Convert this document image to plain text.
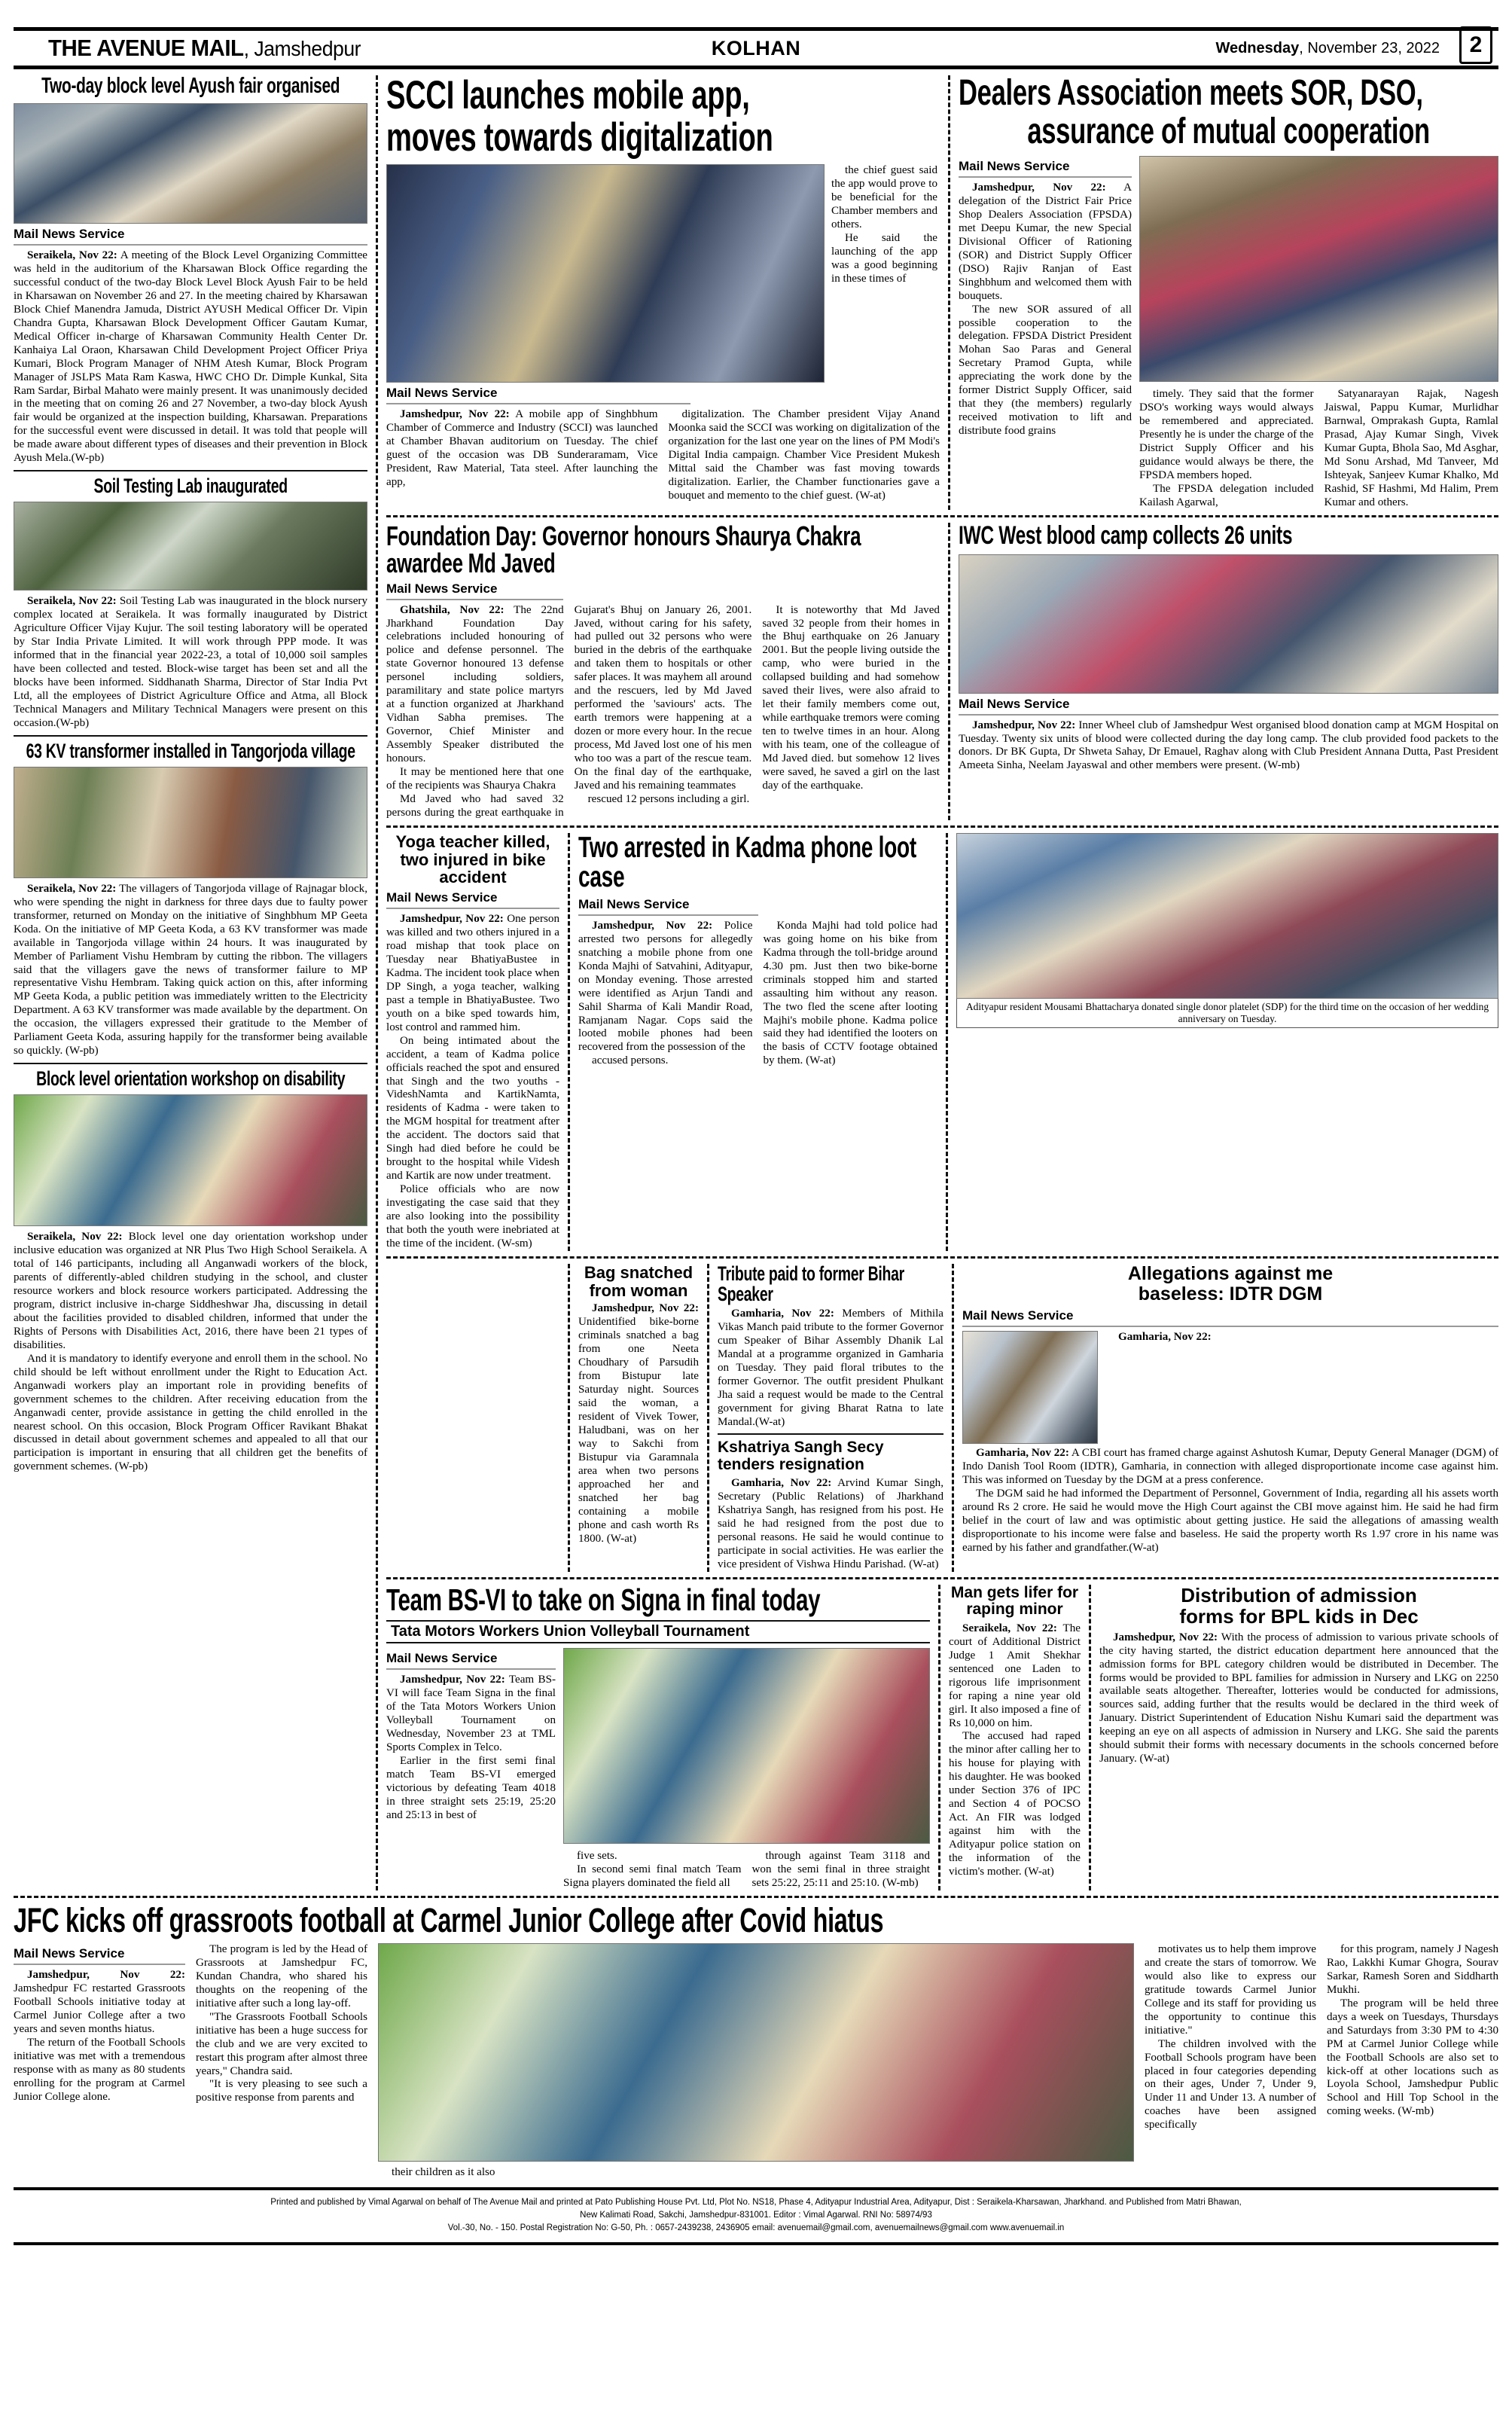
THE AVENUE MAIL, Jamshedpur	KOLHAN	Wednesday, November 23, 2022	2
Two-day block level Ayush fair organised
Mail News Service

Seraikela, Nov 22: A meeting of the Block Level Organizing Committee was held in the auditorium of the Kharsawan Block Office regarding the successful conduct of the two-day Block Level Block Ayush Fair to be held in Kharsawan on November 26 and 27. In the meeting chaired by Kharsawan Block Chief Manendra Jamuda, District AYUSH Medical Officer Dr. Vipin Chandra Gupta, Kharsawan Block Development Officer Gautam Kumar, Medical Officer in-charge of Kharsawan Community Health Center Dr. Kanhaiya Lal Oraon, Kharsawan Child Development Project Officer Priya Kumari, Block Program Manager of NHM Atesh Kumar, Block Program Manager of JSLPS Mata Ram Kaswa, HWC CHO Dr. Dimple Kunkal, Sita Ram Sardar, Birbal Mahato were mainly present. It was unanimously decided in the meeting that on coming 26 and 27 November, a two-day block Ayush fair would be organized at the inspection building, Kharsawan. Preparations for the successful event were discussed in detail. It was told that people will be made aware about different types of diseases and their prevention in Block Ayush Mela.(W-pb)

Soil Testing Lab inaugurated

Seraikela, Nov 22: Soil Testing Lab was inaugurated in the block nursery complex located at Seraikela. It was formally inaugurated by District Agriculture Officer Vijay Kujur. The soil testing laboratory will be operated by Star India Private Limited. It will work through PPP mode. It was informed that in the financial year 2022-23, a total of 10,000 soil samples have been collected and tested. Block-wise target has been set and all the blocks have been informed. Siddhanath Sharma, Director of Star India Pvt Ltd, all the employees of District Agriculture Office and Atma, all Block Technical Managers and Military Technical Managers were present on this occasion.(W-pb)

63 KV transformer installed in Tangorjoda village

Seraikela, Nov 22: The villagers of Tangorjoda village of Rajnagar block, who were spending the night in darkness for three days due to faulty power transformer, returned on Monday on the initiative of Singhbhum MP Geeta Koda. On the initiative of MP Geeta Koda, a 63 KV transformer was made available in Tangorjoda village within 24 hours. It was inaugurated by Member of Parliament Vishu Hembram by cutting the ribbon. The villagers said that the villagers gave the news of transformer failure to MP representative Vishu Hembram. Taking quick action on this, after informing MP Geeta Koda, a public petition was immediately written to the Electricity Department. A 63 KV transformer was made available by the department. On the occasion, the villagers expressed their gratitude to the Member of Parliament Geeta Koda, assuring happily for the transformer being available so quickly. (W-pb)

Block level orientation workshop on disability

Seraikela, Nov 22: Block level one day orientation workshop under inclusive education was organized at NR Plus Two High School Seraikela. A total of 146 participants, including all Anganwadi workers of the block, parents of differently-abled children studying in the school, and cluster resource workers and block resource workers participated. Addressing the program, district inclusive in-charge Siddheshwar Jha, discussing in detail about the facilities provided to disabled children, informed that under the Rights of Persons with Disabilities Act, 2016, there have been 21 types of disabilities.

And it is mandatory to identify everyone and enroll them in the school. No child should be left without enrollment under the Right to Education Act. Anganwadi workers play an important role in providing benefits of government schemes to the children. After receiving education from the Anganwadi center, provide assistance in getting the child enrolled in the nearest school. On this occasion, Block Program Officer Ravikant Bhakat discussed in detail about government schemes and appealed to all that our participation is important in ensuring that all children get the benefits of government schemes. (W-pb)

SCCI launches mobile app,
moves towards digitalization

the chief guest said the app would prove to be beneficial for the Chamber members and others.

He said the launching of the app was a good beginning in these times of

Mail News Service

Jamshedpur, Nov 22: A mobile app of Singhbhum Chamber of Commerce and Industry (SCCI) was launched at Chamber Bhavan auditorium on Tuesday. The chief guest of the occasion was DB Sunderaramam, Vice President, Raw Material, Tata steel. After launching the app,

digitalization. The Chamber president Vijay Anand Moonka said the SCCI was working on digitalization of the organization for the last one year on the lines of PM Modi's Digital India campaign. Chamber Vice President Mukesh Mittal said the Chamber was fast moving towards digitalization. Earlier, the Chamber functionaries gave a bouquet and memento to the chief guest. (W-at)

Dealers Association meets SOR, DSO,
assurance of mutual cooperation
Mail News Service

Jamshedpur, Nov 22: A delegation of the District Fair Price Shop Dealers Association (FPSDA) met Deepu Kumar, the new Special Divisional Officer of Rationing (SOR) and District Supply Officer (DSO) Rajiv Ranjan of East Singhbhum and welcomed them with bouquets.

The new SOR assured of all possible cooperation to the delegation. FPSDA District President Mohan Sao Paras and General Secretary Pramod Gupta, while appreciating the work done by the former District Supply Officer, said that they (the members) regularly received motivation to lift and distribute food grains

timely. They said that the former DSO's working ways would always be remembered and appreciated. Presently he is under the charge of the District Supply Officer and his guidance would always be there, the FPSDA members hoped.

The FPSDA delegation included Kailash Agarwal,

Satyanarayan Rajak, Nagesh Jaiswal, Pappu Kumar, Murlidhar Barnwal, Omprakash Gupta, Ramlal Prasad, Ajay Kumar Singh, Vivek Kumar Gupta, Bhola Sao, Md Asghar, Md Sonu Arshad, Md Tanveer, Md Ishteyak, Sanjeev Kumar Khalko, Md Rashid, SF Hashmi, Md Halim, Prem Kumar and others.

Foundation Day: Governor honours Shaurya Chakra awardee Md Javed
Mail News Service

Ghatshila, Nov 22: The 22nd Jharkhand Foundation Day celebrations included honouring of police and defense personnel. The state Governor honoured 13 defense personel including soldiers, paramilitary and state police martyrs at a function organized at Jharkhand Vidhan Sabha premises. The Governor, Chief Minister and Assembly Speaker distributed the honours.

It may be mentioned here that one of the recipients was Shaurya Chakra

Md Javed who had saved 32 persons during the great earthquake in Gujarat's Bhuj on January 26, 2001. Javed, without caring for his safety, had pulled out 32 persons who were buried in the debris of the earthquake and taken them to hospitals or other safer places. It was mayhem all around and the rescuers, led by Md Javed performed the 'saviours' acts. The earth tremors were happening at a dozen or more every hour. In the recue process, Md Javed lost one of his men who too was a part of the rescue team. On the final day of the earthquake, Javed and his remaining teammates

rescued 12 persons including a girl.

It is noteworthy that Md Javed saved 32 people from their homes in the Bhuj earthquake on 26 January 2001. But the people living outside the camp, who were buried in the collapsed building and had somehow saved their lives, were also afraid to let their family members come out, while earthquake tremors were coming ten to twelve times in an hour. Along with his team, one of the colleague of Md Javed died. but somehow 12 lives were saved, he saved a girl on the last day of the earthquake.

IWC West blood camp collects 26 units
Mail News Service

Jamshedpur, Nov 22: Inner Wheel club of Jamshedpur West organised blood donation camp at MGM Hospital on Tuesday. Twenty six units of blood were collected during the day long camp. The club provided food packets to the donors. Dr BK Gupta, Dr Shweta Sahay, Dr Emauel, Raghav along with Club President Annana Dutta, Past President Ameeta Sinha, Neelam Jayaswal and other members were present. (W-mb)

Yoga teacher killed, two injured in bike accident
Mail News Service

Jamshedpur, Nov 22: One person was killed and two others injured in a road mishap that took place on Tuesday near BhatiyaBustee in Kadma. The incident took place when DP Singh, a yoga teacher, walking past a temple in BhatiyaBustee. Two youth on a bike sped towards him, lost control and rammed him.

On being intimated about the accident, a team of Kadma police officials reached the spot and ensured that Singh and the two youths - VideshNamta and KartikNamta, residents of Kadma - were taken to the MGM hospital for treatment after the accident. The doctors said that Singh had died before he could be brought to the hospital while Videsh and Kartik are now under treatment.

Police officials who are now investigating the case said that they are also looking into the possibility that both the youth were inebriated at the time of the incident. (W-sm)

Two arrested in Kadma phone loot case
Mail News Service

Jamshedpur, Nov 22: Police arrested two persons for allegedly snatching a mobile phone from one Konda Majhi of Satvahini, Adityapur, on Monday evening. Those arrested were identified as Arjun Tandi and Sahil Sharma of Kali Mandir Road, Ramjanam Nagar. Cops said the looted mobile phones had been recovered from the possession of the

accused persons.

Konda Majhi had told police had was going home on his bike from Kadma through the toll-bridge around 4.30 pm. Just then two bike-borne criminals stopped him and started assaulting him without any reason. The two fled the scene after looting Majhi's mobile phone. Kadma police said they had identified the looters on the basis of CCTV footage obtained by them. (W-at)

Adityapur resident Mousami Bhattacharya donated single donor platelet (SDP) for the third time on the occasion of her wedding anniversary on Tuesday.
Bag snatched
from woman

Jamshedpur, Nov 22: Unidentified bike-borne criminals snatched a bag from one Neeta Choudhary of Parsudih from Bistupur late Saturday night. Sources said the woman, a resident of Vivek Tower, Haludbani, was on her way to Sakchi from Bistupur via Garamnala area when two persons approached her and snatched her bag containing a mobile phone and cash worth Rs 1800. (W-at)

Tribute paid to former Bihar Speaker

Gamharia, Nov 22: Members of Mithila Vikas Manch paid tribute to the former Governor cum Speaker of Bihar Assembly Dhanik Lal Mandal at a programme organized in Gamharia on Tuesday. They paid floral tributes to the former Governor. The outfit president Phulkant Jha said a request would be made to the Central government for giving Bharat Ratna to late Mandal.(W-at)

Kshatriya Sangh Secy tenders resignation

Gamharia, Nov 22: Arvind Kumar Singh, Secretary (Public Relations) of Jharkhand Kshatriya Sangh, has resigned from his post. He said he had resigned from the post due to personal reasons. He said he would continue to participate in social activities. He was earlier the vice president of Vishwa Hindu Parishad. (W-at)

Allegations against me
baseless: IDTR DGM
Mail News Service

Gamharia, Nov 22:

Gamharia, Nov 22: A CBI court has framed charge against Ashutosh Kumar, Deputy General Manager (DGM) of Indo Danish Tool Room (IDTR), Gamharia, in connection with alleged disproportionate income case against him. This was informed on Tuesday by the DGM at a press conference.

The DGM said he had informed the Department of Personnel, Government of India, regarding all his assets worth around Rs 2 crore. He said he would move the High Court against the CBI move against him. He said he had firm belief in the court of law and was optimistic about getting justice. He said the allegations of amassing wealth disproportionate to his income were false and baseless. He said the property worth Rs 1.97 crore in his name was earned by his father and grandfather.(W-at)

Team BS-VI to take on Signa in final today
Tata Motors Workers Union Volleyball Tournament
Mail News Service

Jamshedpur, Nov 22: Team BS-VI will face Team Signa in the final of the Tata Motors Workers Union Volleyball Tournament on Wednesday, November 23 at TML Sports Complex in Telco.

Earlier in the first semi final match Team BS-VI emerged victorious by defeating Team 4018 in three straight sets 25:19, 25:20 and 25:13 in best of

five sets.

In second semi final match Team Signa players dominated the field all

through against Team 3118 and won the semi final in three straight sets 25:22, 25:11 and 25:10. (W-mb)

Man gets lifer for
raping minor

Seraikela, Nov 22: The court of Additional District Judge 1 Amit Shekhar sentenced one Laden to rigorous life imprisonment for raping a nine year old girl. It also imposed a fine of Rs 10,000 on him.

The accused had raped the minor after calling her to his house for playing with his daughter. He was booked under Section 376 of IPC and Section 4 of POCSO Act. An FIR was lodged against him with the Adityapur police station on the information of the victim's mother. (W-at)

Distribution of admission
forms for BPL kids in Dec

Jamshedpur, Nov 22: With the process of admission to various private schools of the city having started, the district education department here announced that the admission forms for BPL category children would be distributed in December. The forms would be provided to BPL families for admission in Nursery and LKG on 2250 available seats altogether. Thereafter, lotteries would be conducted for admissions, sources said, adding further that the results would be declared in the third week of January. District Superintendent of Education Nishu Kumari said the department was keeping an eye on all aspects of admission in Nursery and LKG. She said the parents should submit their forms with necessary documents in the schools concerned before January. (W-at)

JFC kicks off grassroots football at Carmel Junior College after Covid hiatus
Mail News Service

Jamshedpur, Nov 22: Jamshedpur FC restarted Grassroots Football Schools initiative today at Carmel Junior College after a two years and seven months hiatus.

The return of the Football Schools initiative was met with a tremendous response with as many as 80 students enrolling for the program at Carmel Junior College alone.

The program is led by the Head of Grassroots at Jamshedpur FC, Kundan Chandra, who shared his thoughts on the reopening of the initiative after such a long lay-off.

"The Grassroots Football Schools initiative has been a huge success for the club and we are very excited to restart this program after almost three years," Chandra said.

"It is very pleasing to see such a positive response from parents and

their children as it also

motivates us to help them improve and create the stars of tomorrow. We would also like to express our gratitude towards Carmel Junior College and its staff for providing us the opportunity to continue this initiative."

The children involved with the Football Schools program have been placed in four categories depending on their ages, Under 7, Under 9, Under 11 and Under 13. A number of coaches have been assigned specifically

for this program, namely J Nagesh Rao, Lakkhi Kumar Ghogra, Sourav Sarkar, Ramesh Soren and Siddharth Mukhi.

The program will be held three days a week on Tuesdays, Thursdays and Saturdays from 3:30 PM to 4:30 PM at Carmel Junior College while the Football Schools are also set to kick-off at other locations such as Loyola School, Jamshedpur Public School and Hill Top School in the coming weeks. (W-mb)

Printed and published by Vimal Agarwal on behalf of The Avenue Mail and printed at Pato Publishing House Pvt. Ltd, Plot No. NS18, Phase 4, Adityapur Industrial Area, Adityapur, Dist : Seraikela-Kharsawan, Jharkhand. and Published from Matri Bhawan,
New Kalimati Road, Sakchi, Jamshedpur-831001. Editor : Vimal Agarwal. RNI No: 58974/93
Vol.-30, No. - 150. Postal Registration No: G-50, Ph. : 0657-2439238, 2436905 email: avenuemail@gmail.com, avenuemailnews@gmail.com www.avenuemail.in
